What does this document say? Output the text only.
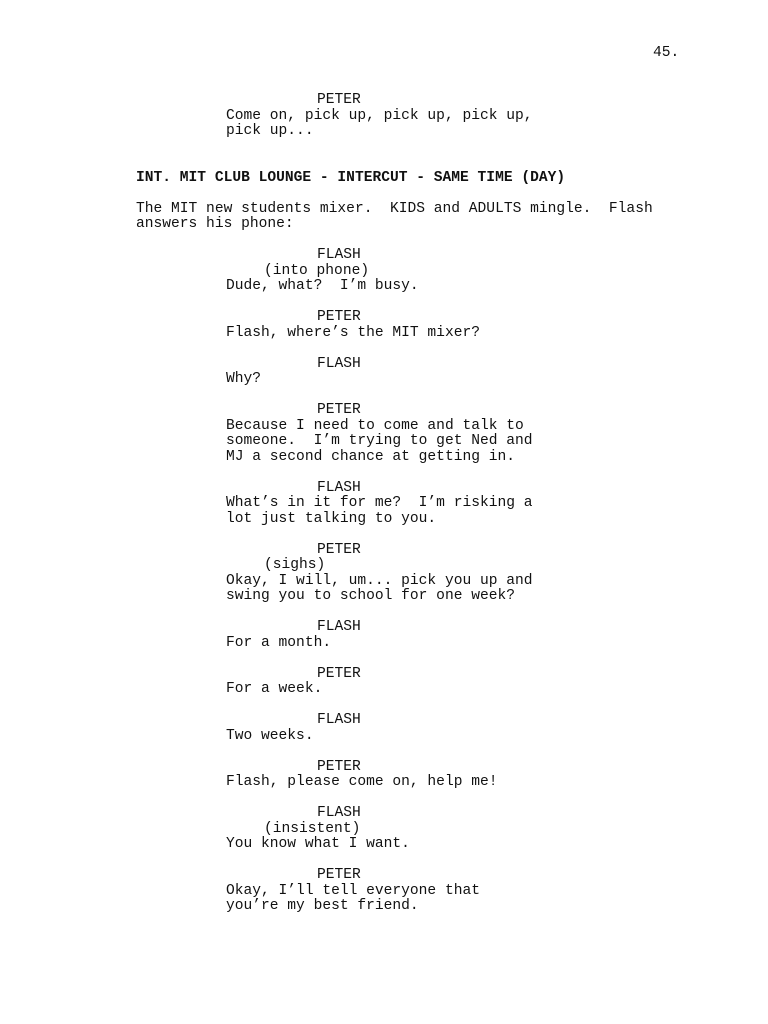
45.
PETER
Come on, pick up, pick up, pick up,
pick up...
INT. MIT CLUB LOUNGE - INTERCUT - SAME TIME (DAY)
The MIT new students mixer.  KIDS and ADULTS mingle.  Flash
answers his phone:
FLASH
(into phone)
Dude, what?  I’m busy.
PETER
Flash, where’s the MIT mixer?
FLASH
Why?
PETER
Because I need to come and talk to
someone.  I’m trying to get Ned and
MJ a second chance at getting in.
FLASH
What’s in it for me?  I’m risking a
lot just talking to you.
PETER
(sighs)
Okay, I will, um... pick you up and
swing you to school for one week?
FLASH
For a month.
PETER
For a week.
FLASH
Two weeks.
PETER
Flash, please come on, help me!
FLASH
(insistent)
You know what I want.
PETER
Okay, I’ll tell everyone that
you’re my best friend.
